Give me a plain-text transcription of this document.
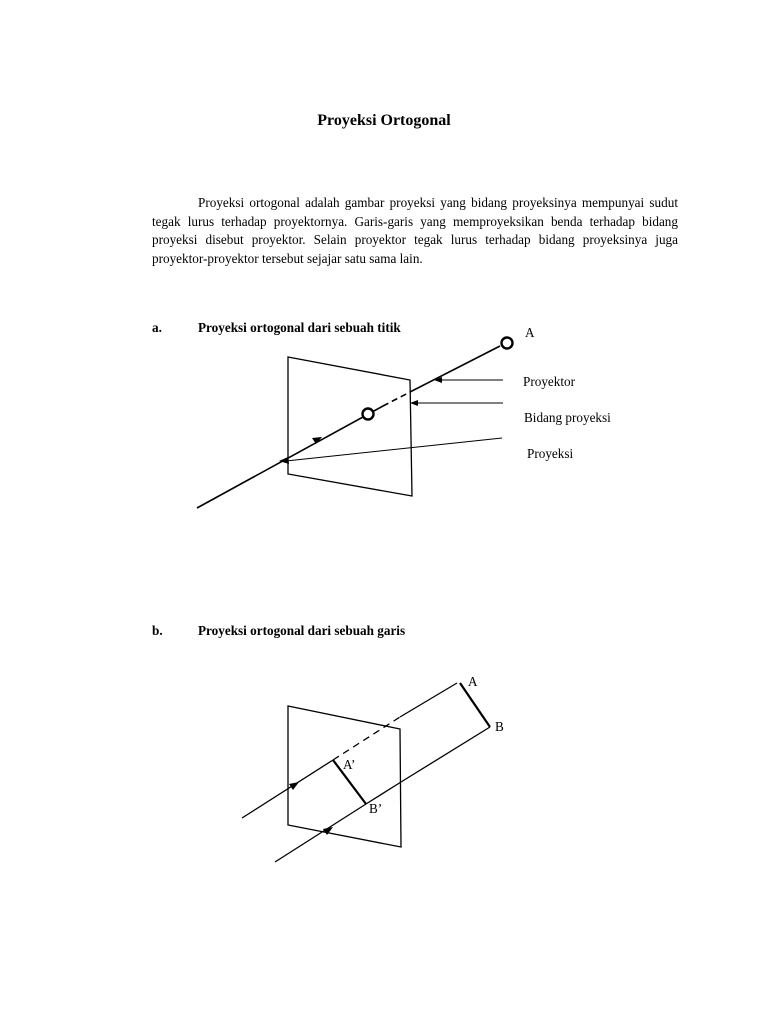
Proyeksi Ortogonal
Proyeksi ortogonal adalah gambar proyeksi yang bidang proyeksinya mempunyai sudut tegak lurus terhadap proyektornya. Garis-garis yang memproyeksikan benda terhadap bidang proyeksi disebut proyektor. Selain proyektor tegak lurus terhadap bidang proyeksinya juga proyektor-proyektor tersebut sejajar satu sama lain.
a.	Proyeksi ortogonal dari sebuah titik
b.	Proyeksi ortogonal dari sebuah garis
A
Proyektor
Bidang proyeksi
Proyeksi
A
B
A’
B’
